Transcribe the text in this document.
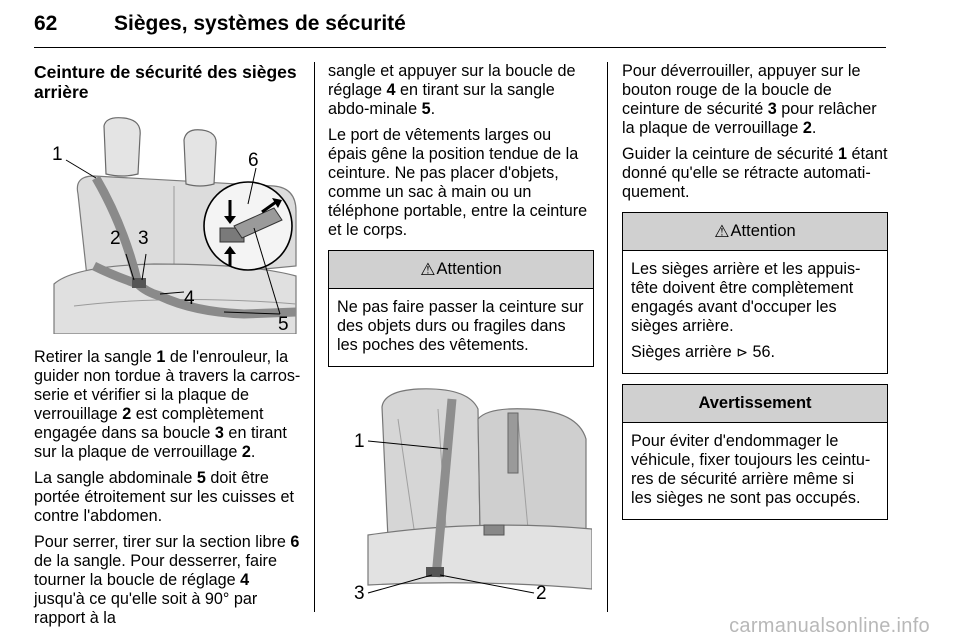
62	Sièges, systèmes de sécurité
Ceinture de sécurité des sièges arrière
1
2 3
4
5
6

Retirer la sangle 1 de l'enrouleur, la guider non tordue à travers la carros-serie et vérifier si la plaque de verrouillage 2 est complètement engagée dans sa boucle 3 en tirant sur la plaque de verrouillage 2.

La sangle abdominale 5 doit être portée étroitement sur les cuisses et contre l'abdomen.

Pour serrer, tirer sur la section libre 6 de la sangle. Pour desserrer, faire tourner la boucle de réglage 4 jusqu'à ce qu'elle soit à 90° par rapport à la

sangle et appuyer sur la boucle de réglage 4 en tirant sur la sangle abdo-minale 5.

Le port de vêtements larges ou épais gêne la position tendue de la ceinture. Ne pas placer d'objets, comme un sac à main ou un téléphone portable, entre la ceinture et le corps.

⚠ Attention

Ne pas faire passer la ceinture sur des objets durs ou fragiles dans les poches des vêtements.

1
2
3

Pour déverrouiller, appuyer sur le bouton rouge de la boucle de ceinture de sécurité 3 pour relâcher la plaque de verrouillage 2.

Guider la ceinture de sécurité 1 étant donné qu'elle se rétracte automati-quement.

⚠ Attention

Les sièges arrière et les appuis-tête doivent être complètement engagés avant d'occuper les sièges arrière.

Sièges arrière ⊳ 56.

Avertissement

Pour éviter d'endommager le véhicule, fixer toujours les ceintu-res de sécurité arrière même si les sièges ne sont pas occupés.

carmanualsonline.info
